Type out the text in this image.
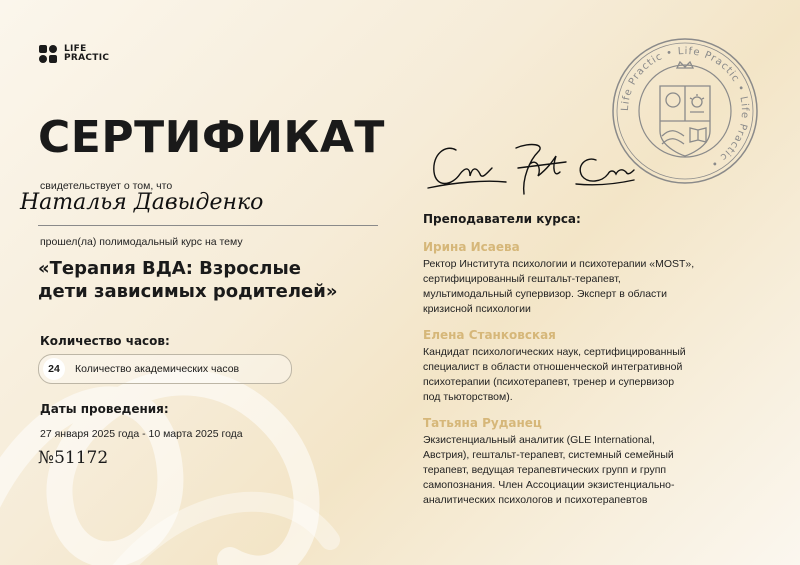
LIFE
PRACTIC
СЕРТИФИКАТ
свидетельствует о том, что
Наталья Давыденко
прошел(ла) полимодальный курс на тему
«Терапия ВДА: Взрослые
дети зависимых родителей»
Количество часов:
24	Количество академических часов
Даты проведения:
27 января 2025 года - 10 марта 2025 года
№51172
Life Practic • Life Practic • Life Practic •
Преподаватели курса:
Ирина Исаева
Ректор Института психологии и психотерапии «MOST»,
сертифицированный гештальт-терапевт,
мультимодальный супервизор. Эксперт в области
кризисной психологии
Елена Станковская
Кандидат психологических наук, сертифицированный
специалист в области отношенческой интегративной
психотерапии (психотерапевт, тренер и супервизор
под тьюторством).
Татьяна Руданец
Экзистенциальный аналитик (GLE International,
Австрия), гештальт-терапевт, системный семейный
терапевт, ведущая терапевтических групп и групп
самопознания. Член Ассоциации экзистенциально-
аналитических психологов и психотерапевтов
